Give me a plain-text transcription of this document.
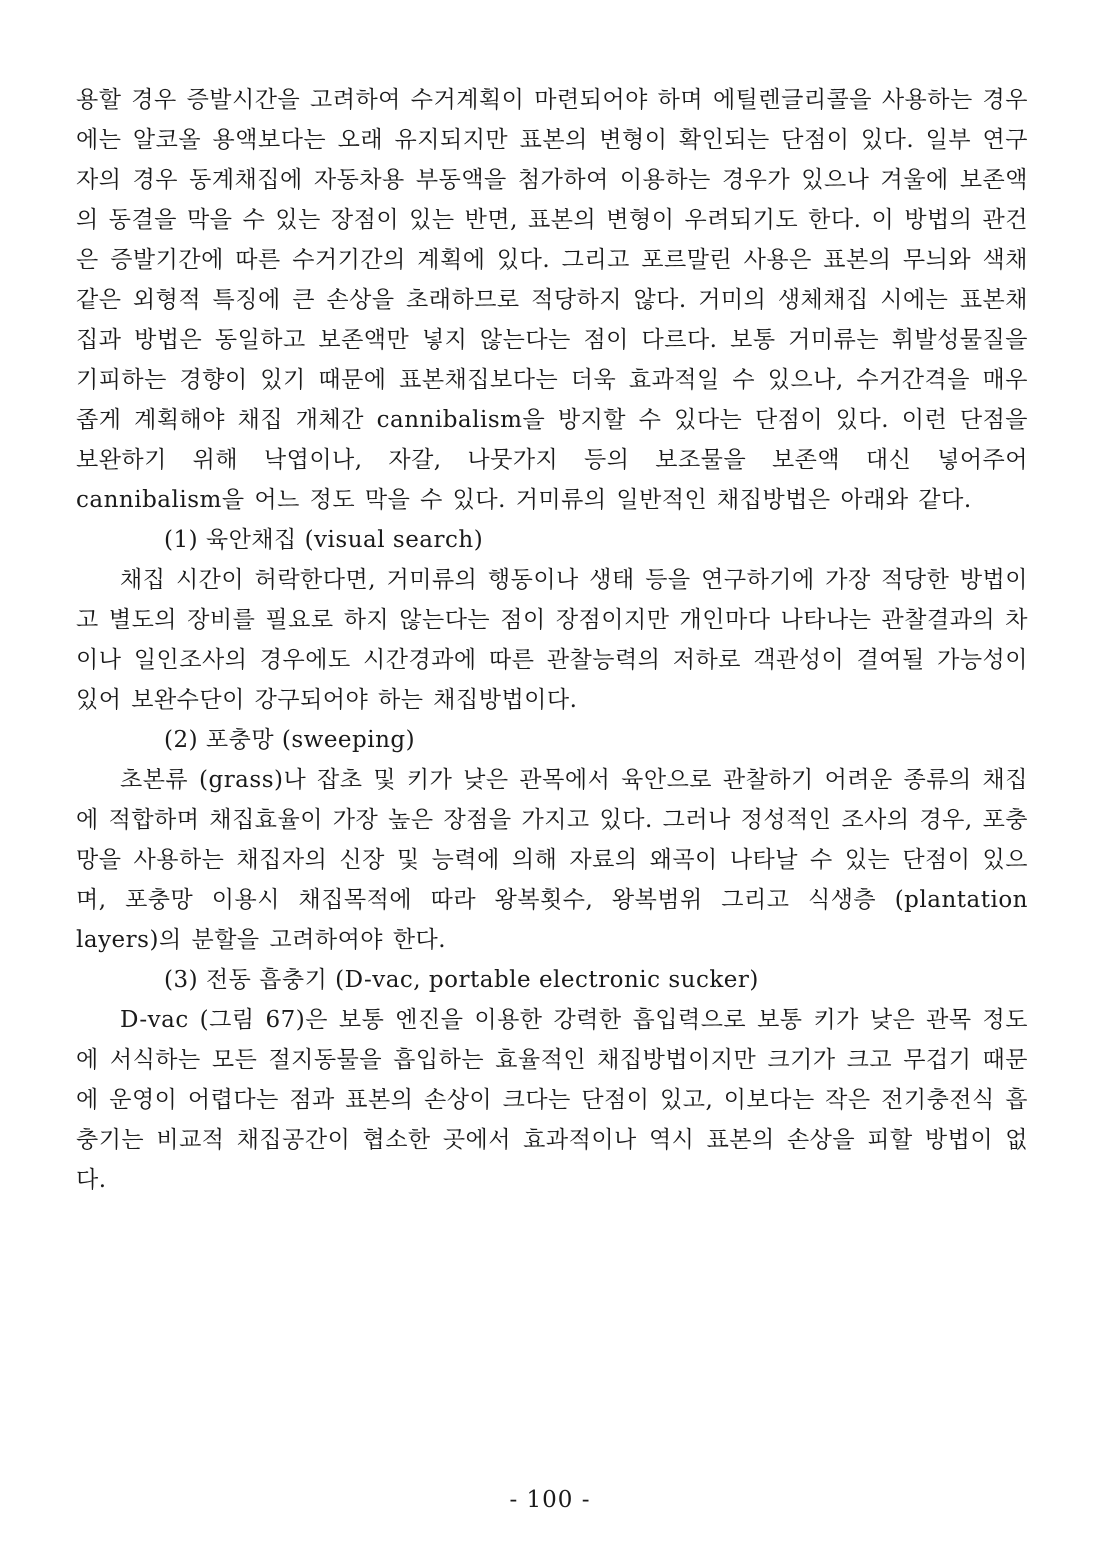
용할 경우 증발시간을 고려하여 수거계획이 마련되어야 하며 에틸렌글리콜을 사용하는 경우에는 알코올 용액보다는 오래 유지되지만 표본의 변형이 확인되는 단점이 있다. 일부 연구자의 경우 동계채집에 자동차용 부동액을 첨가하여 이용하는 경우가 있으나 겨울에 보존액의 동결을 막을 수 있는 장점이 있는 반면, 표본의 변형이 우려되기도 한다. 이 방법의 관건은 증발기간에 따른 수거기간의 계획에 있다. 그리고 포르말린 사용은 표본의 무늬와 색채 같은 외형적 특징에 큰 손상을 초래하므로 적당하지 않다. 거미의 생체채집 시에는 표본채집과 방법은 동일하고 보존액만 넣지 않는다는 점이 다르다. 보통 거미류는 휘발성물질을 기피하는 경향이 있기 때문에 표본채집보다는 더욱 효과적일 수 있으나, 수거간격을 매우 좁게 계획해야 채집 개체간 cannibalism을 방지할 수 있다는 단점이 있다. 이런 단점을 보완하기 위해 낙엽이나, 자갈, 나뭇가지 등의 보조물을 보존액 대신 넣어주어 cannibalism을 어느 정도 막을 수 있다. 거미류의 일반적인 채집방법은 아래와 같다.

(1) 육안채집 (visual search)

채집 시간이 허락한다면, 거미류의 행동이나 생태 등을 연구하기에 가장 적당한 방법이고 별도의 장비를 필요로 하지 않는다는 점이 장점이지만 개인마다 나타나는 관찰결과의 차이나 일인조사의 경우에도 시간경과에 따른 관찰능력의 저하로 객관성이 결여될 가능성이 있어 보완수단이 강구되어야 하는 채집방법이다.

(2) 포충망 (sweeping)

초본류 (grass)나 잡초 및 키가 낮은 관목에서 육안으로 관찰하기 어려운 종류의 채집에 적합하며 채집효율이 가장 높은 장점을 가지고 있다. 그러나 정성적인 조사의 경우, 포충망을 사용하는 채집자의 신장 및 능력에 의해 자료의 왜곡이 나타날 수 있는 단점이 있으며, 포충망 이용시 채집목적에 따라 왕복횟수, 왕복범위 그리고 식생층 (plantation layers)의 분할을 고려하여야 한다.

(3) 전동 흡충기 (D-vac, portable electronic sucker)

D-vac (그림 67)은 보통 엔진을 이용한 강력한 흡입력으로 보통 키가 낮은 관목 정도에 서식하는 모든 절지동물을 흡입하는 효율적인 채집방법이지만 크기가 크고 무겁기 때문에 운영이 어렵다는 점과 표본의 손상이 크다는 단점이 있고, 이보다는 작은 전기충전식 흡충기는 비교적 채집공간이 협소한 곳에서 효과적이나 역시 표본의 손상을 피할 방법이 없다.

- 100 -
